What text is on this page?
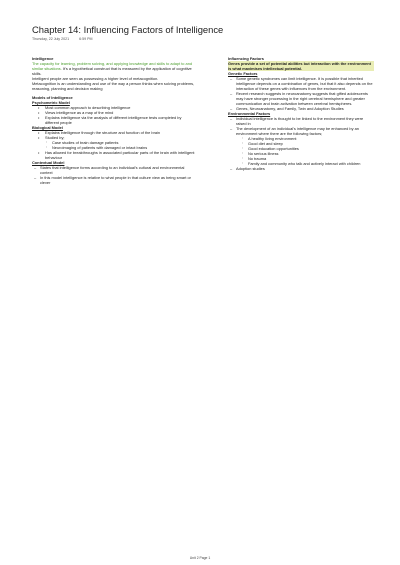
Chapter 14: Influencing Factors of Intelligence
Thursday, 22 July 2021	6:59 PM

Intelligence

The capacity for learning, problem solving, and applying knowledge and skills to adapt to and similar situations. It's a hypothetical construct that is measured by the application of cognitive skills.

Intelligent people are seen as possessing a higher level of metacognition.

Metacognition is an understanding and use of the way a person thinks when solving problems, reasoning, planning and decision making

Models of Intelligence

Psychometric Model

• Most common approach to describing intelligence
• Views intelligence as a map of the mind
• Explains intelligence via the analysis of different intelligence tests completed by different people

Biological Model

• Explains intelligence through the structure and function of the brain
• Studied by;
◦ Case studies of brain damage patients
◦ Neuroimaging of patients with damaged or intact brains
• Has allowed for breakthroughs in associated particular parts of the brain with intelligent behaviour

Contextual Model

– States that intelligence forms according to an individual's cultural and environmental context
– In this model intelligence is relative to what people in that culture view as being smart or clever

Influencing Factors

Genes provide a set of potential abilities but interaction with the environment is what maximises intellectual potential.

Genetic Factors

– Some genetic syndromes can limit intelligence. It is possible that inherited intelligence depends on a combination of genes, but that it also depends on the interaction of these genes with influences from the environment.
– Recent research suggests in neuroanatomy suggests that gifted adolescents may have stronger processing in the right cerebral hemisphere and greater communication and brain activation between cerebral hemispheres.
– Genes, Neuroanatomy, and Family, Twin and Adoption Studies

Environmental Factors

– Individual intelligence is thought to be linked to the environment they were raised in
– The development of an individual's intelligence may be enhanced by an environment where there are the following factors;
◦ A healthy living environment
◦ Good diet and sleep
◦ Good education opportunities
◦ No serious illness
◦ No trauma
◦ Family and community who talk and actively interact with children
– Adoption studies
Unit 2 Page 1
